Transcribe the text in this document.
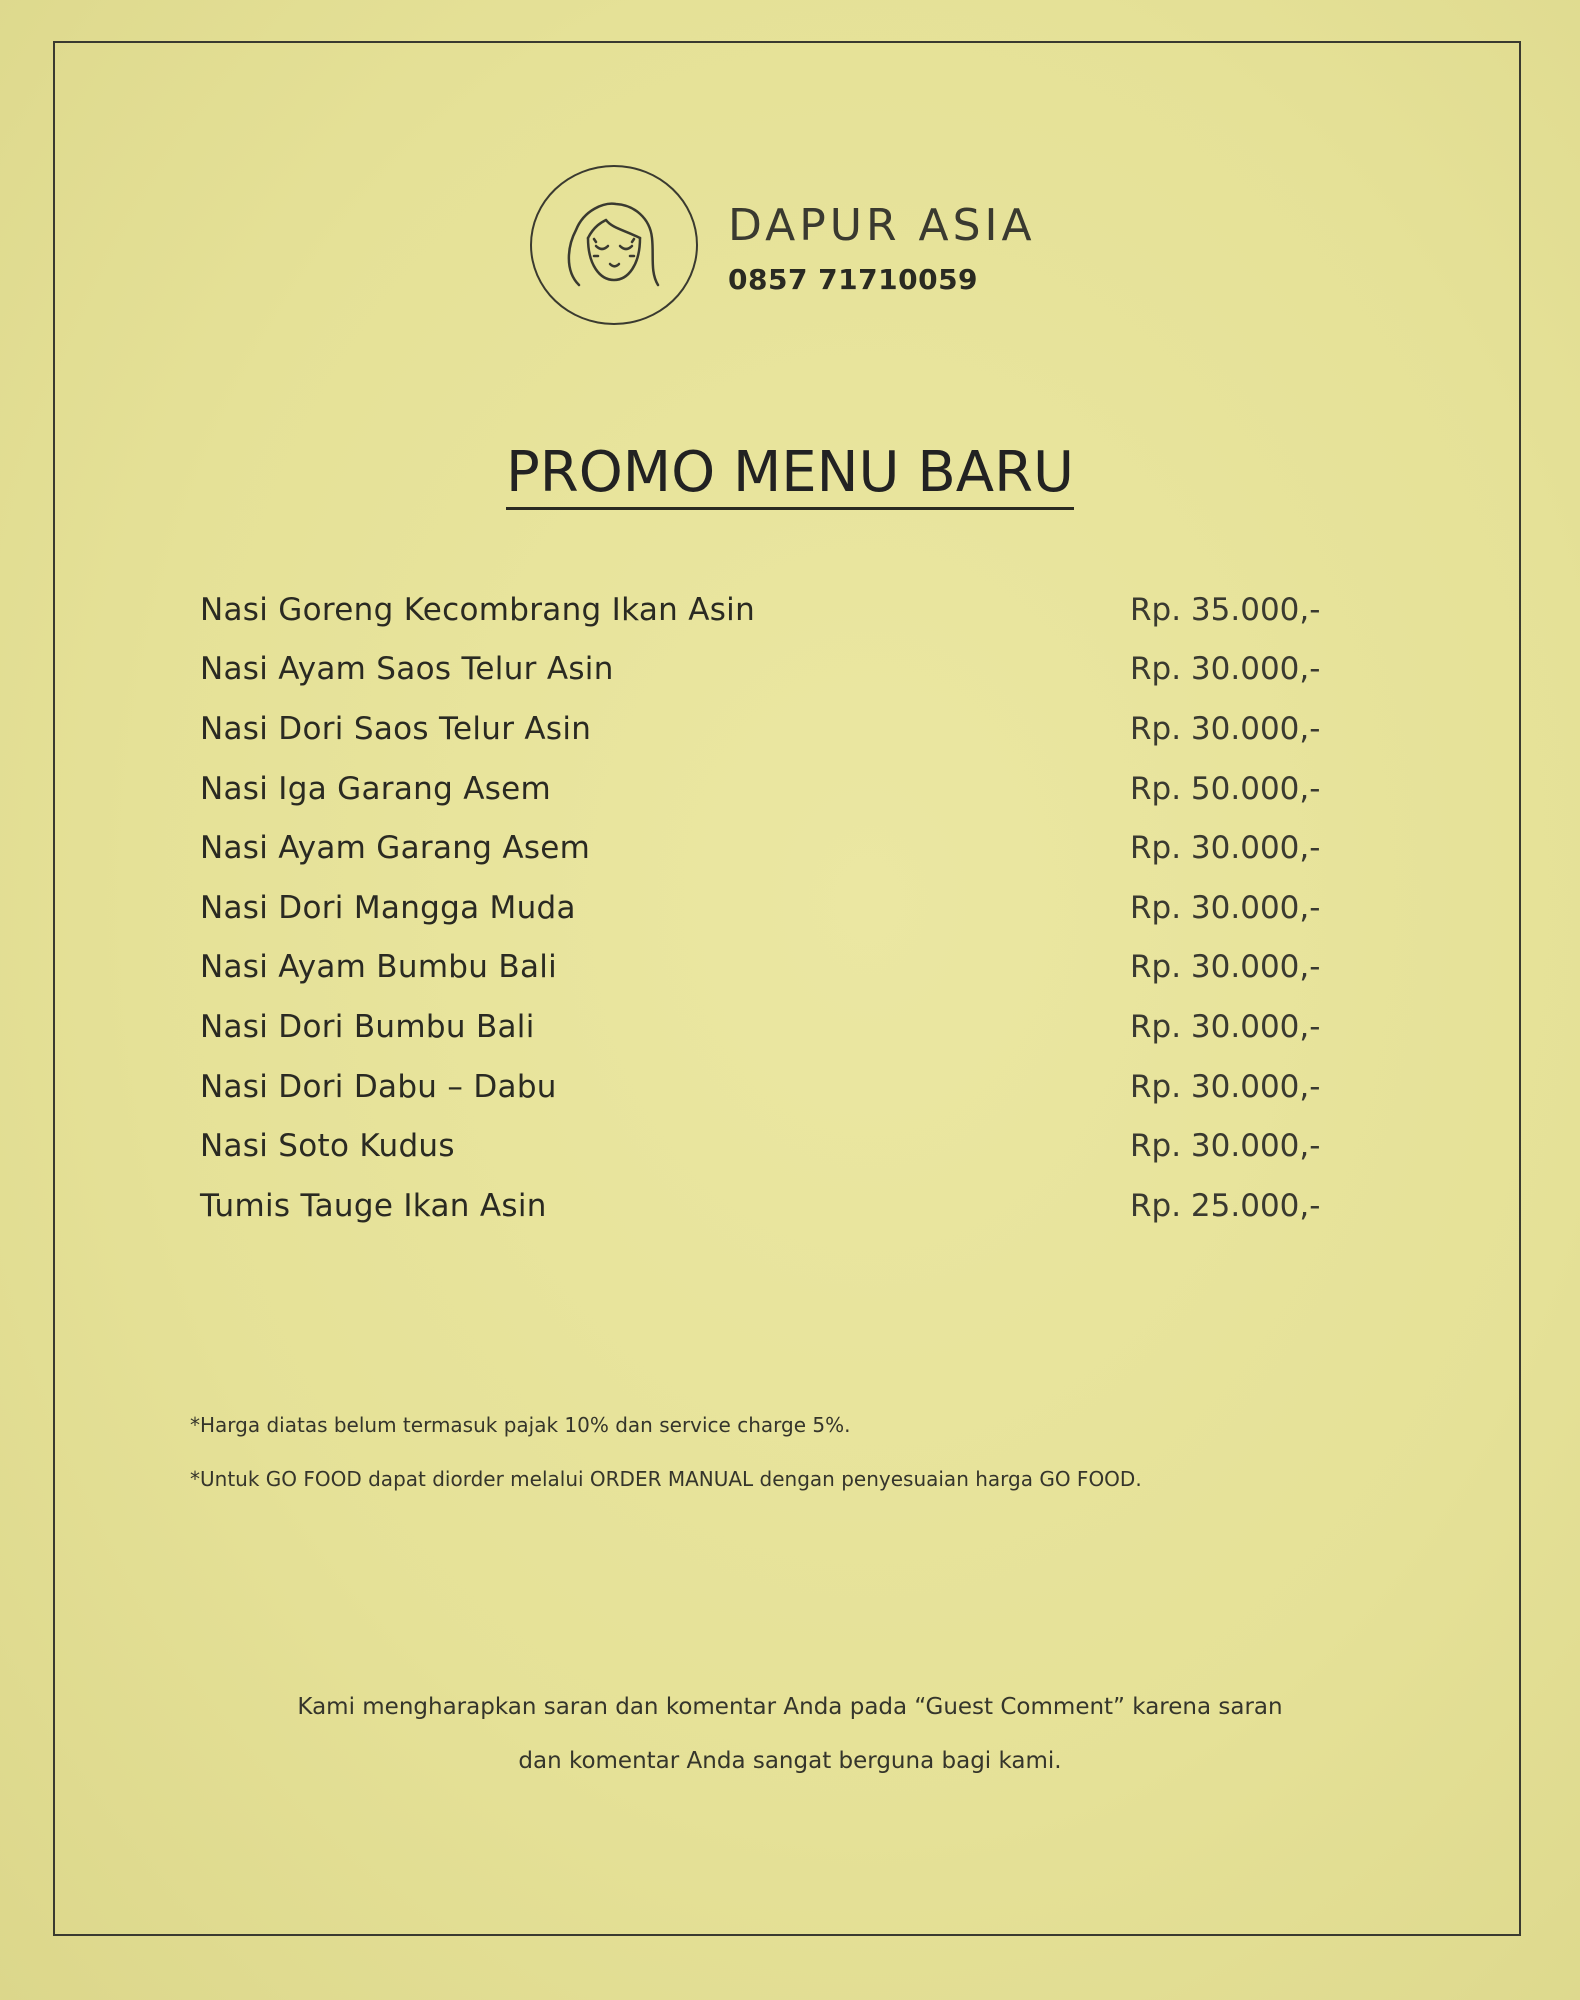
DAPUR ASIA
0857 71710059
PROMO MENU BARU
Nasi Goreng Kecombrang Ikan Asin	Rp. 35.000,-
Nasi Ayam Saos Telur Asin	Rp. 30.000,-
Nasi Dori Saos Telur Asin	Rp. 30.000,-
Nasi Iga Garang Asem	Rp. 50.000,-
Nasi Ayam Garang Asem	Rp. 30.000,-
Nasi Dori Mangga Muda	Rp. 30.000,-
Nasi Ayam Bumbu Bali	Rp. 30.000,-
Nasi Dori Bumbu Bali	Rp. 30.000,-
Nasi Dori Dabu – Dabu	Rp. 30.000,-
Nasi Soto Kudus	Rp. 30.000,-
Tumis Tauge Ikan Asin	Rp. 25.000,-
*Harga diatas belum termasuk pajak 10% dan service charge 5%.
*Untuk GO FOOD dapat diorder melalui ORDER MANUAL dengan penyesuaian harga GO FOOD.
Kami mengharapkan saran dan komentar Anda pada “Guest Comment” karena saran
dan komentar Anda sangat berguna bagi kami.
